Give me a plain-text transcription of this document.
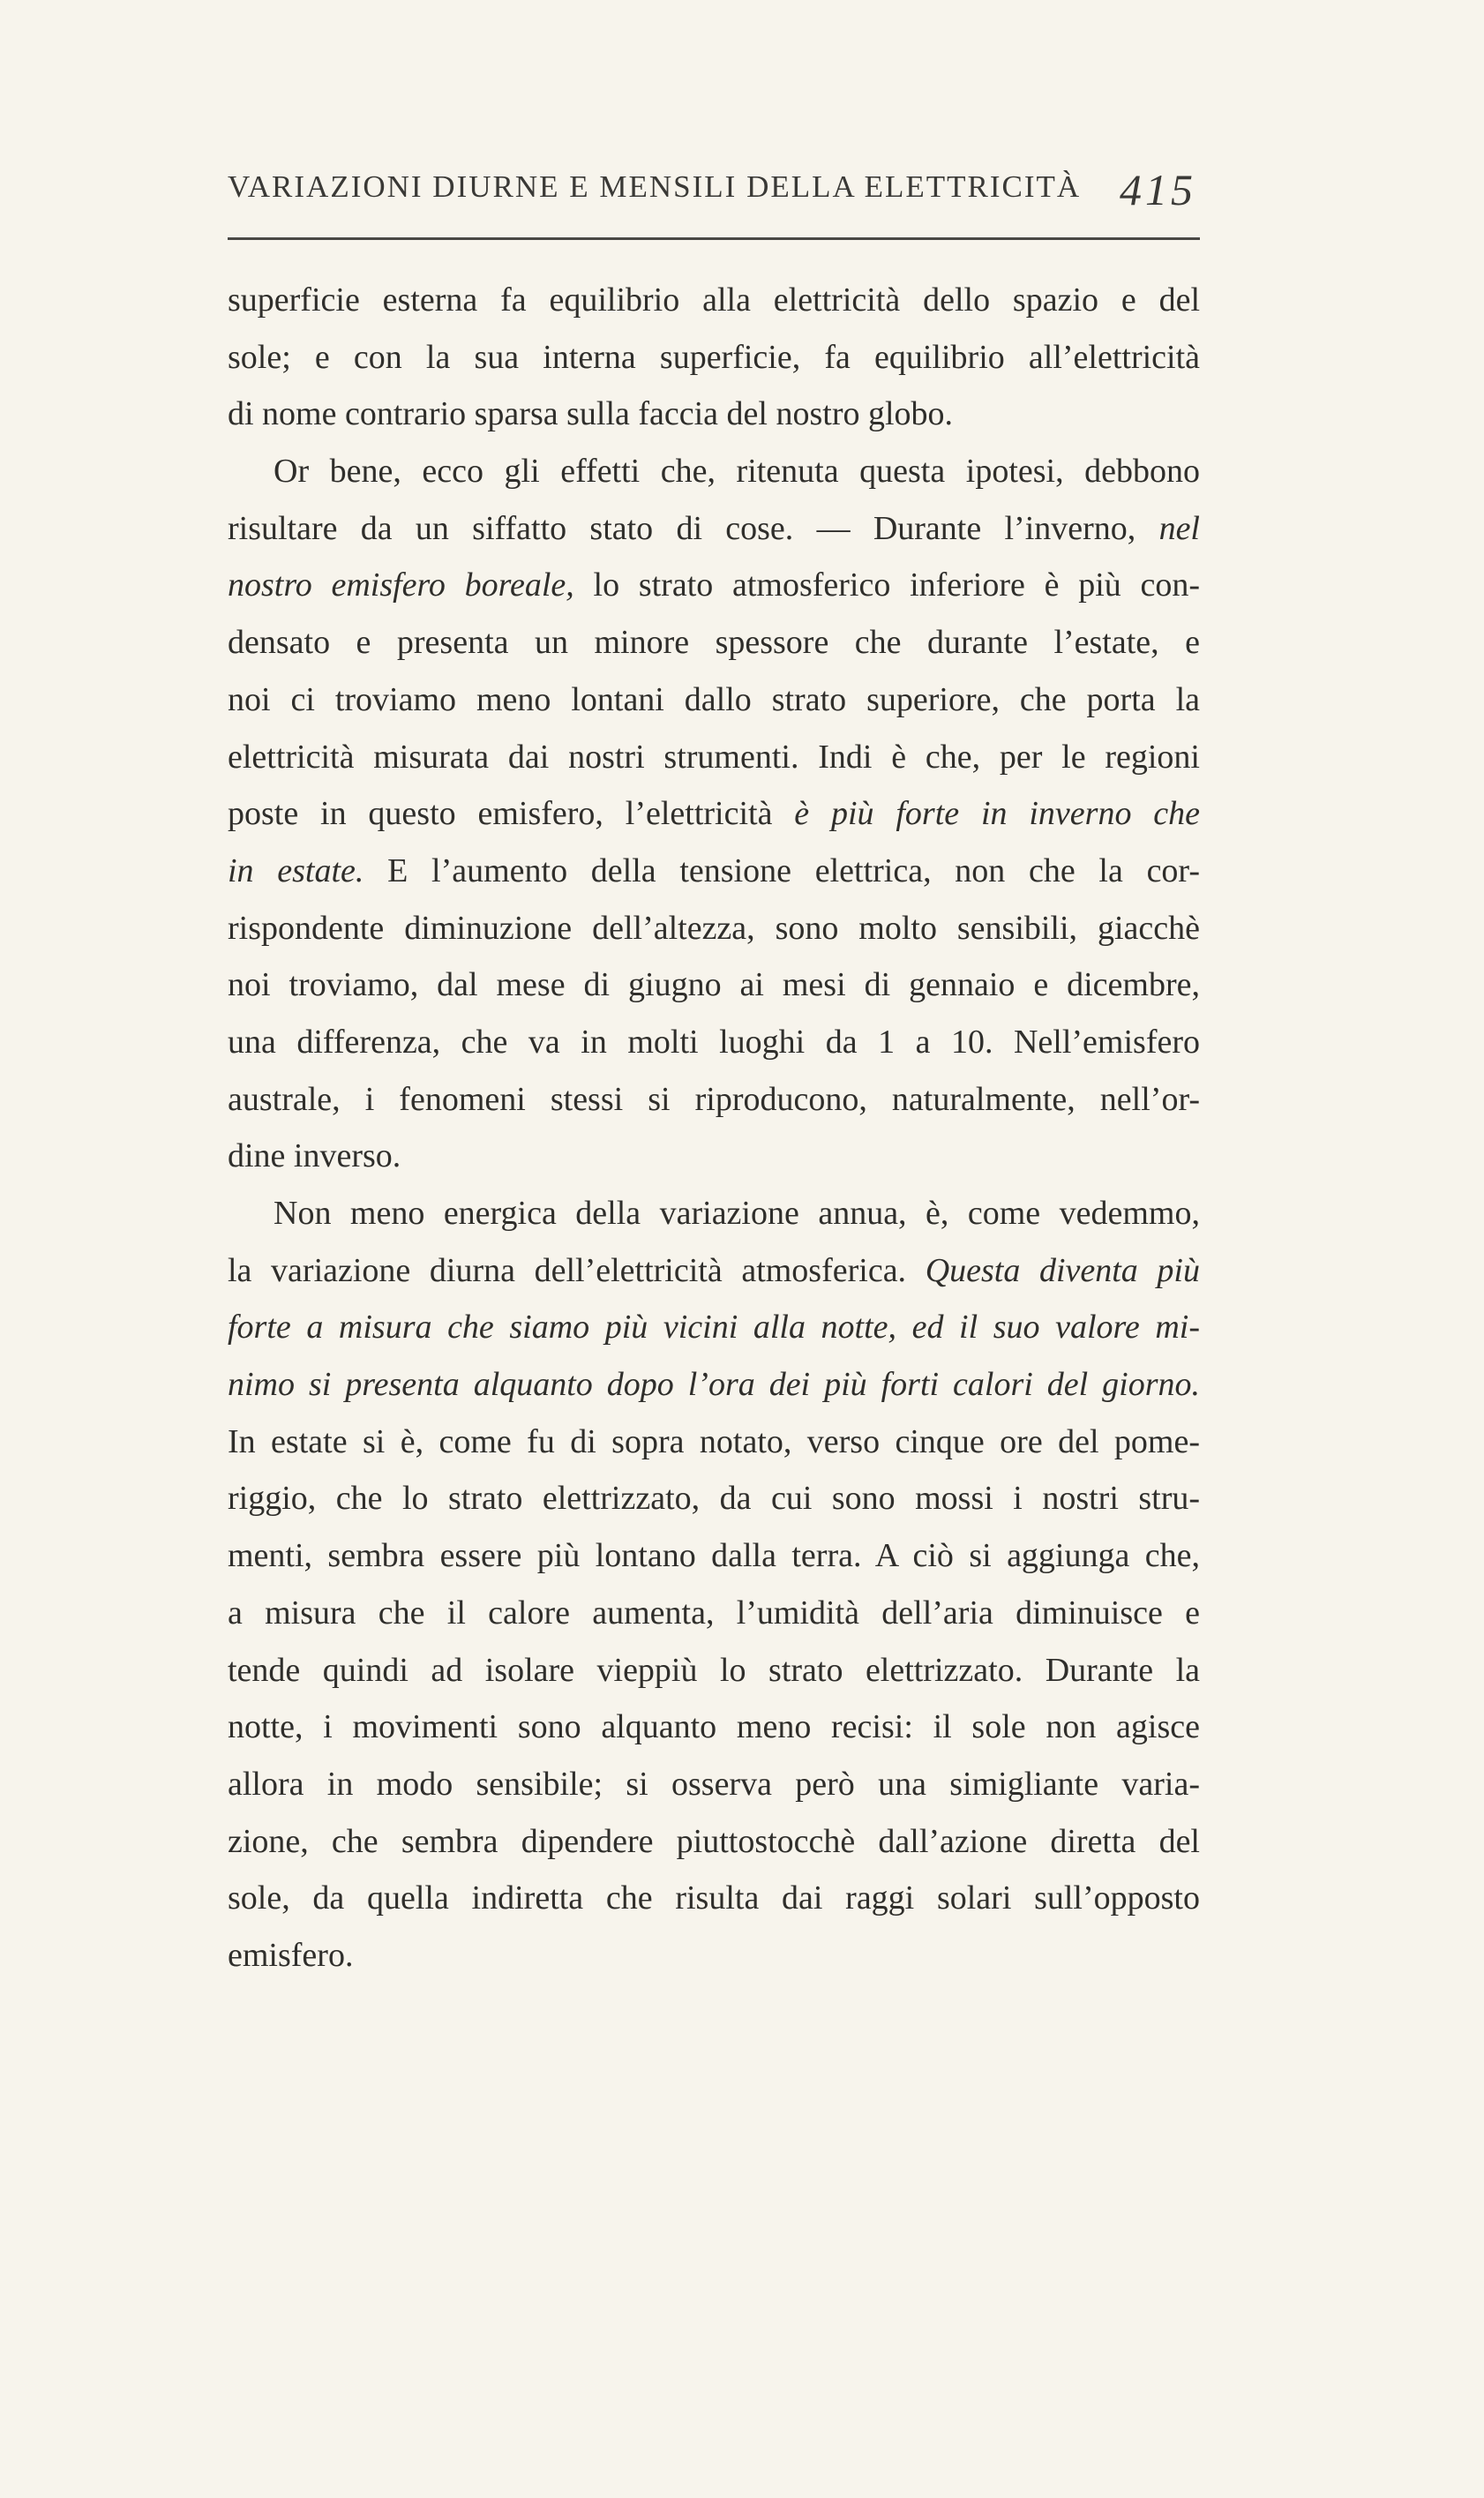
VARIAZIONI DIURNE E MENSILI DELLA ELETTRICITÀ 415
superficie esterna fa equilibrio alla elettricità dello spazio e del
sole; e con la sua interna superficie, fa equilibrio all’elettricità
di nome contrario sparsa sulla faccia del nostro globo.
Or bene, ecco gli effetti che, ritenuta questa ipotesi, debbono
risultare da un siffatto stato di cose. — Durante l’inverno, nel
nostro emisfero boreale, lo strato atmosferico inferiore è più con-
densato e presenta un minore spessore che durante l’estate, e
noi ci troviamo meno lontani dallo strato superiore, che porta la
elettricità misurata dai nostri strumenti. Indi è che, per le regioni
poste in questo emisfero, l’elettricità è più forte in inverno che
in estate. E l’aumento della tensione elettrica, non che la cor-
rispondente diminuzione dell’altezza, sono molto sensibili, giacchè
noi troviamo, dal mese di giugno ai mesi di gennaio e dicembre,
una differenza, che va in molti luoghi da 1 a 10. Nell’emisfero
australe, i fenomeni stessi si riproducono, naturalmente, nell’or-
dine inverso.
Non meno energica della variazione annua, è, come vedemmo,
la variazione diurna dell’elettricità atmosferica. Questa diventa più
forte a misura che siamo più vicini alla notte, ed il suo valore mi-
nimo si presenta alquanto dopo l’ora dei più forti calori del giorno.
In estate si è, come fu di sopra notato, verso cinque ore del pome-
riggio, che lo strato elettrizzato, da cui sono mossi i nostri stru-
menti, sembra essere più lontano dalla terra. A ciò si aggiunga che,
a misura che il calore aumenta, l’umidità dell’aria diminuisce e
tende quindi ad isolare vieppiù lo strato elettrizzato. Durante la
notte, i movimenti sono alquanto meno recisi: il sole non agisce
allora in modo sensibile; si osserva però una simigliante varia-
zione, che sembra dipendere piuttostocchè dall’azione diretta del
sole, da quella indiretta che risulta dai raggi solari sull’opposto
emisfero.
